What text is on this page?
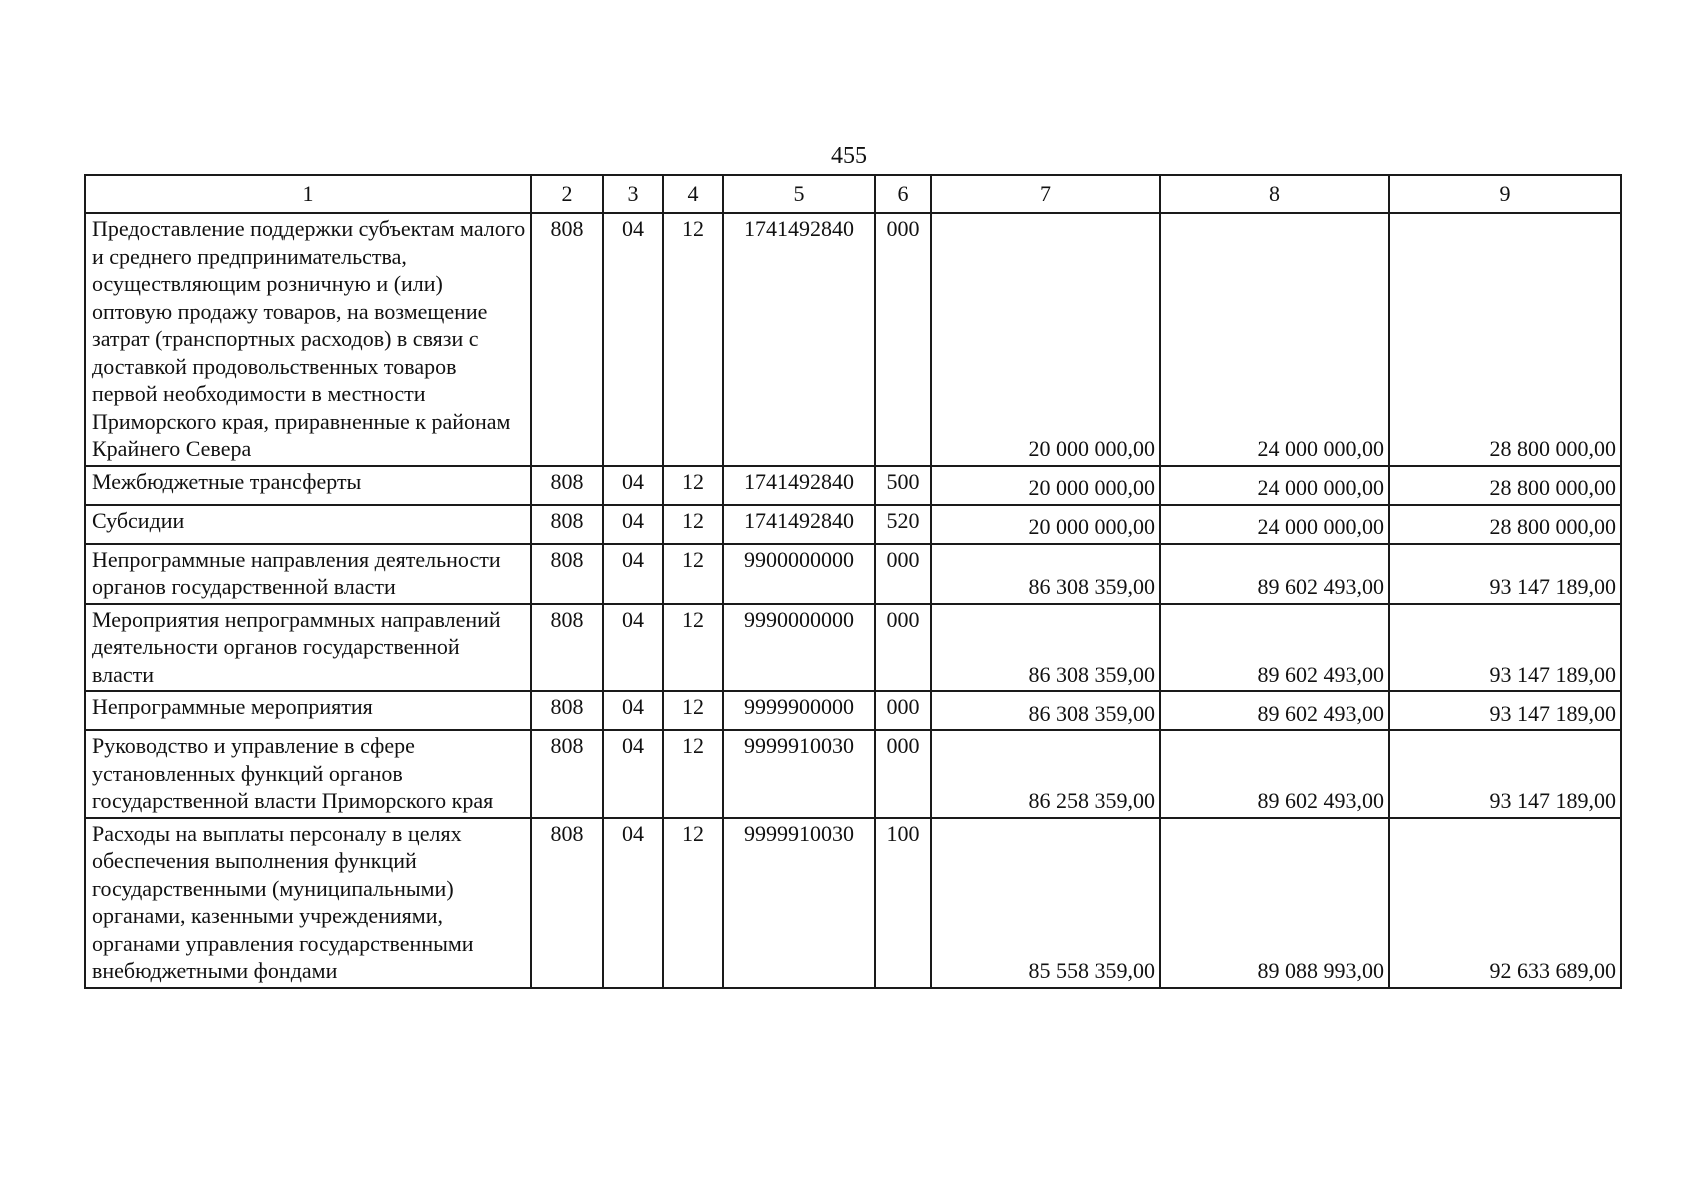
455
1	2	3	4	5	6	7	8	9
Предоставление поддержки субъектам малого и среднего предпринимательства, осуществляющим розничную и (или) оптовую продажу товаров, на возмещение затрат (транспортных расходов) в связи с доставкой продовольственных товаров первой необходимости в местности Приморского края, приравненные к районам Крайнего Севера	808	04	12	1741492840	000	20 000 000,00	24 000 000,00	28 800 000,00
Межбюджетные трансферты	808	04	12	1741492840	500	20 000 000,00	24 000 000,00	28 800 000,00
Субсидии	808	04	12	1741492840	520	20 000 000,00	24 000 000,00	28 800 000,00
Непрограммные направления деятельности органов государственной власти	808	04	12	9900000000	000	86 308 359,00	89 602 493,00	93 147 189,00
Мероприятия непрограммных направлений деятельности органов государственной власти	808	04	12	9990000000	000	86 308 359,00	89 602 493,00	93 147 189,00
Непрограммные мероприятия	808	04	12	9999900000	000	86 308 359,00	89 602 493,00	93 147 189,00
Руководство и управление в сфере установленных функций органов государственной власти Приморского края	808	04	12	9999910030	000	86 258 359,00	89 602 493,00	93 147 189,00
Расходы на выплаты персоналу в целях обеспечения выполнения функций государственными (муниципальными) органами, казенными учреждениями, органами управления государственными внебюджетными фондами	808	04	12	9999910030	100	85 558 359,00	89 088 993,00	92 633 689,00
